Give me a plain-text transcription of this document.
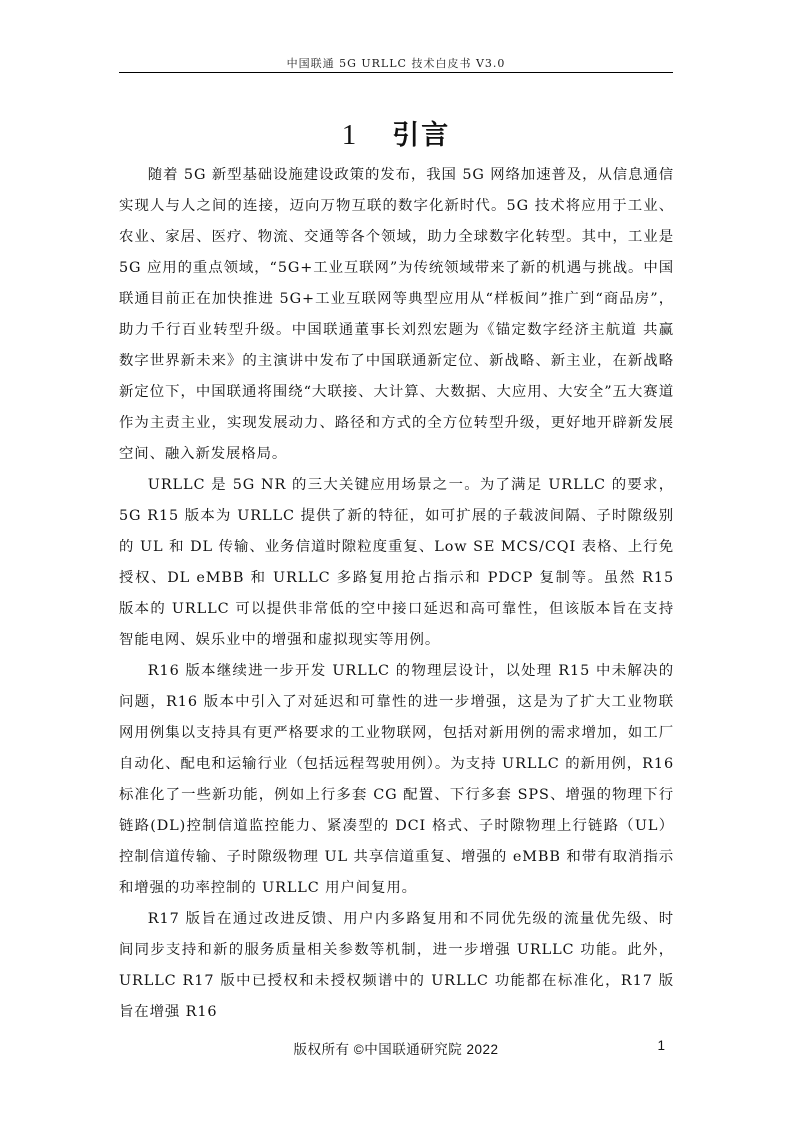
中国联通 5G URLLC 技术白皮书 V3.0
1 引言

随着 5G 新型基础设施建设政策的发布，我国 5G 网络加速普及，从信息通信实现人与人之间的连接，迈向万物互联的数字化新时代。5G 技术将应用于工业、农业、家居、医疗、物流、交通等各个领域，助力全球数字化转型。其中，工业是 5G 应用的重点领域，“5G+工业互联网”为传统领域带来了新的机遇与挑战。中国联通目前正在加快推进 5G+工业互联网等典型应用从“样板间”推广到“商品房”，助力千行百业转型升级。中国联通董事长刘烈宏题为《锚定数字经济主航道 共赢数字世界新未来》的主演讲中发布了中国联通新定位、新战略、新主业，在新战略新定位下，中国联通将围绕“大联接、大计算、大数据、大应用、大安全”五大赛道作为主责主业，实现发展动力、路径和方式的全方位转型升级，更好地开辟新发展空间、融入新发展格局。

URLLC 是 5G NR 的三大关键应用场景之一。为了满足 URLLC 的要求，5G R15 版本为 URLLC 提供了新的特征，如可扩展的子载波间隔、子时隙级别的 UL 和 DL 传输、业务信道时隙粒度重复、Low SE MCS/CQI 表格、上行免授权、DL eMBB 和 URLLC 多路复用抢占指示和 PDCP 复制等。虽然 R15 版本的 URLLC 可以提供非常低的空中接口延迟和高可靠性，但该版本旨在支持智能电网、娱乐业中的增强和虚拟现实等用例。

R16 版本继续进一步开发 URLLC 的物理层设计，以处理 R15 中未解决的问题，R16 版本中引入了对延迟和可靠性的进一步增强，这是为了扩大工业物联网用例集以支持具有更严格要求的工业物联网，包括对新用例的需求增加，如工厂自动化、配电和运输行业（包括远程驾驶用例）。为支持 URLLC 的新用例，R16 标准化了一些新功能，例如上行多套 CG 配置、下行多套 SPS、增强的物理下行链路(DL)控制信道监控能力、紧凑型的 DCI 格式、子时隙物理上行链路（UL）控制信道传输、子时隙级物理 UL 共享信道重复、增强的 eMBB 和带有取消指示和增强的功率控制的 URLLC 用户间复用。

R17 版旨在通过改进反馈、用户内多路复用和不同优先级的流量优先级、时间同步支持和新的服务质量相关参数等机制，进一步增强 URLLC 功能。此外，URLLC R17 版中已授权和未授权频谱中的 URLLC 功能都在标准化，R17 版旨在增强 R16

版权所有 ©中国联通研究院 2022	1
